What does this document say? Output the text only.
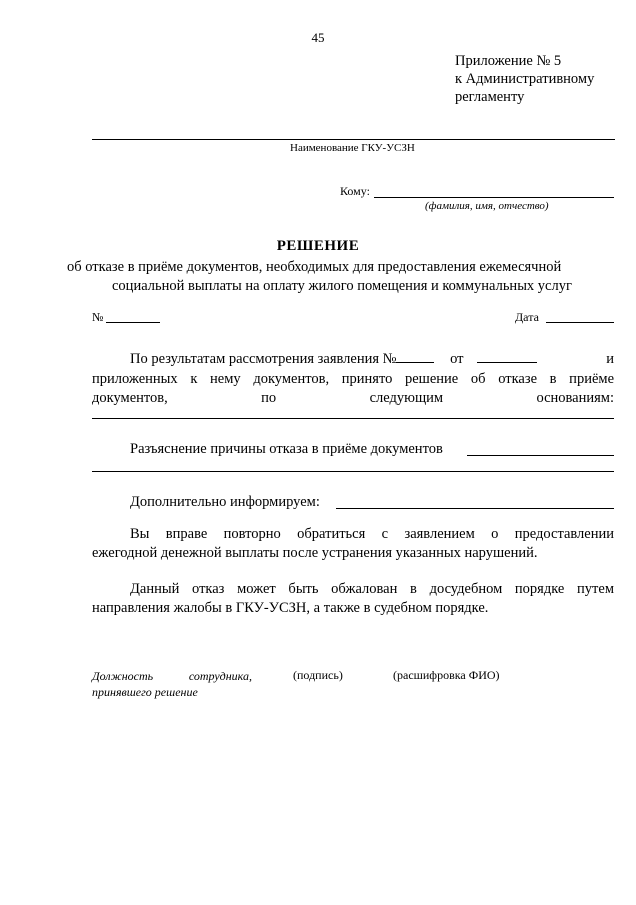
45
Приложение № 5
к Административному
регламенту
Наименование ГКУ-УСЗН
Кому:
(фамилия, имя, отчество)
РЕШЕНИЕ
об отказе в приёме документов, необходимых для предоставления ежемесячной
социальной выплаты на оплату жилого помещения и коммунальных услуг
№	Дата
По результатам рассмотрения заявления №	от	и
приложенных к нему документов, принято решение об отказе в приёме
документов, по следующим основаниям:
Разъяснение причины отказа в приёме документов
Дополнительно информируем:
Вы вправе повторно обратиться с заявлением о предоставлении
ежегодной денежной выплаты после устранения указанных нарушений.
Данный отказ может быть обжалован в досудебном порядке путем
направления жалобы в ГКУ-УСЗН, а также в судебном порядке.
Должность сотрудника,
принявшего решение
(подпись)	(расшифровка ФИО)
